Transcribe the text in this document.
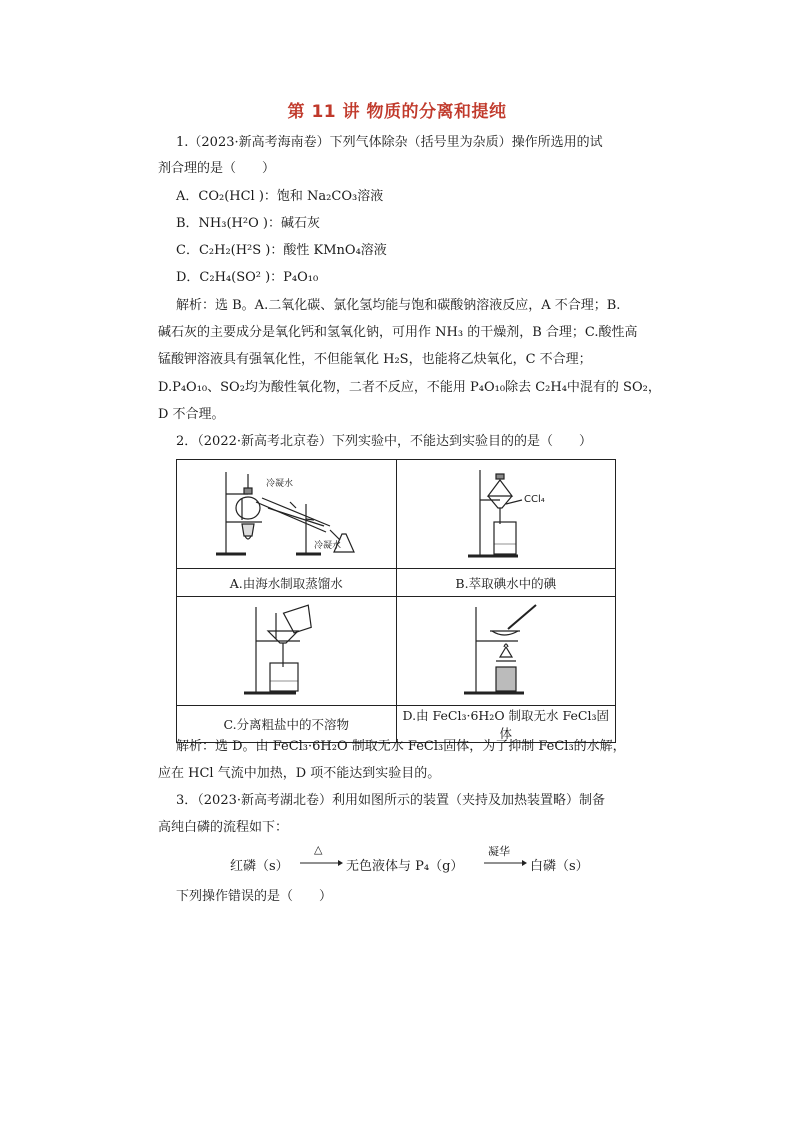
第 11 讲 物质的分离和提纯
1.（2023·新高考海南卷）下列气体除杂（括号里为杂质）操作所选用的试
剂合理的是（　　）
A．CO₂(HCl )：饱和 Na₂CO₃溶液
B．NH₃(H²O )：碱石灰
C．C₂H₂(H²S )：酸性 KMnO₄溶液
D．C₂H₄(SO² )：P₄O₁₀
解析：选 B。A.二氧化碳、氯化氢均能与饱和碳酸钠溶液反应，A 不合理；B.
碱石灰的主要成分是氧化钙和氢氧化钠，可用作 NH₃ 的干燥剂，B 合理；C.酸性高
锰酸钾溶液具有强氧化性，不但能氧化 H₂S，也能将乙炔氧化，C 不合理；
D.P₄O₁₀、SO₂均为酸性氧化物，二者不反应，不能用 P₄O₁₀除去 C₂H₄中混有的 SO₂，
D 不合理。
2．（2022·新高考北京卷）下列实验中，不能达到实验目的的是（　　）
冷凝水
冷凝水	CCl₄

A.由海水制取蒸馏水	B.萃取碘水中的碘

C.分离粗盐中的不溶物	D.由 FeCl₃·6H₂O 制取无水 FeCl₃固体
解析：选 D。由 FeCl₃·6H₂O 制取无水 FeCl₃固体，为了抑制 FeCl₃的水解，
应在 HCl 气流中加热，D 项不能达到实验目的。
3．（2023·新高考湖北卷）利用如图所示的装置（夹持及加热装置略）制备
高纯白磷的流程如下：
红磷（s）
△
无色液体与 P₄（g）
凝华
白磷（s）
下列操作错误的是（　　）
